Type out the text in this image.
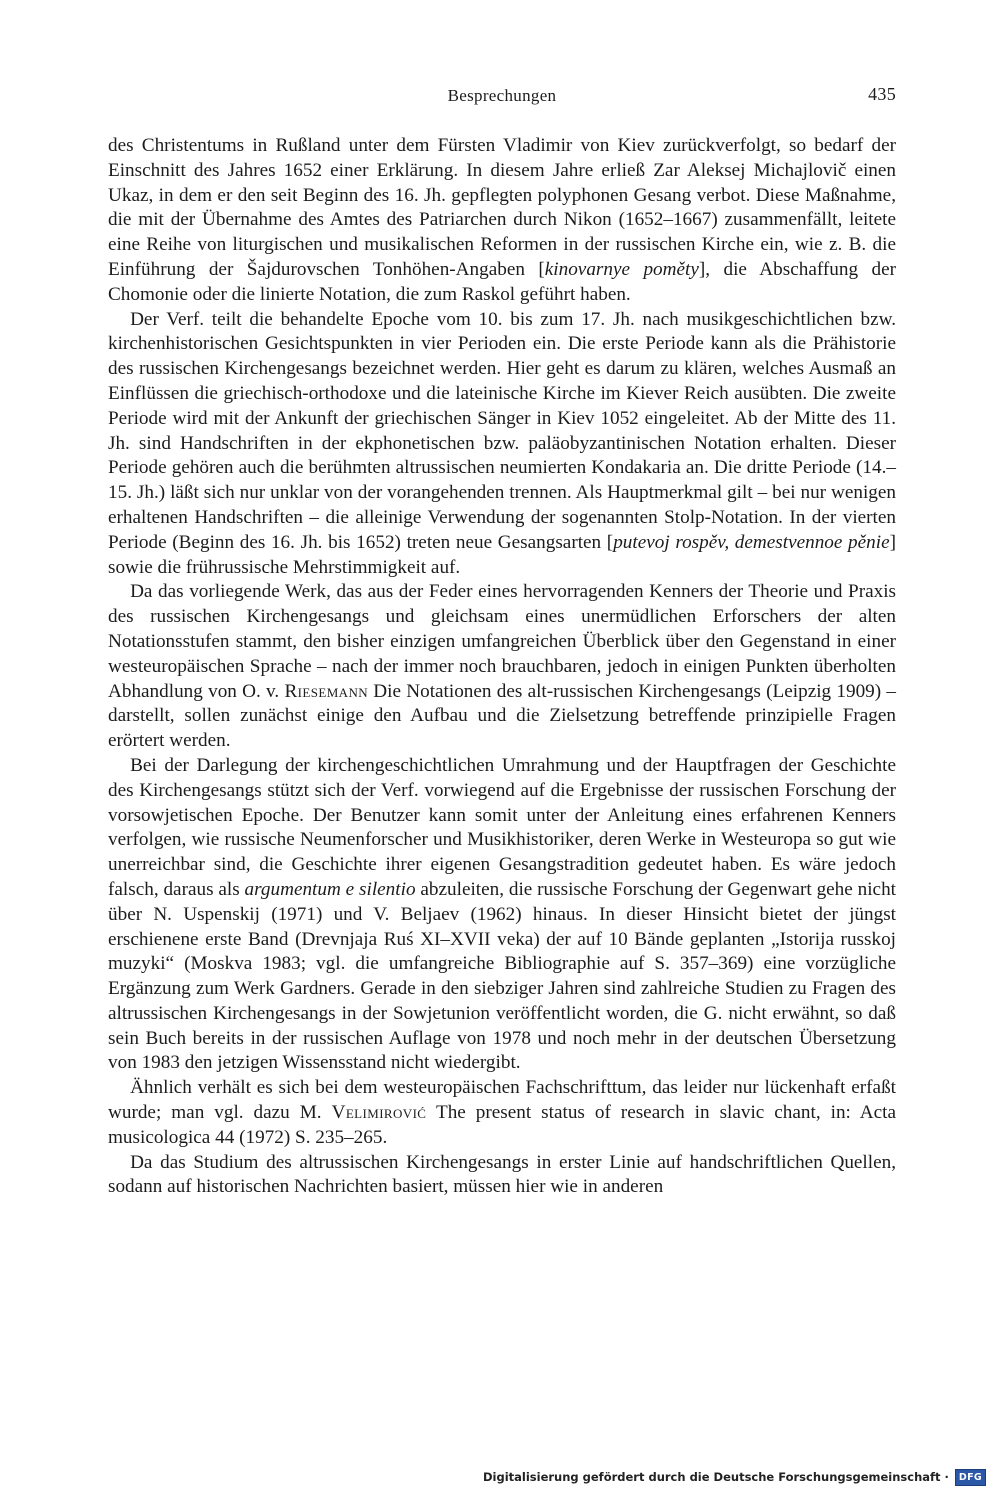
Besprechungen	435

des Christentums in Rußland unter dem Fürsten Vladimir von Kiev zurückverfolgt, so bedarf der Einschnitt des Jahres 1652 einer Erklärung. In diesem Jahre erließ Zar Aleksej Michajlovič einen Ukaz, in dem er den seit Beginn des 16. Jh. gepflegten polyphonen Gesang verbot. Diese Maßnahme, die mit der Übernahme des Amtes des Patriarchen durch Nikon (1652–1667) zusammenfällt, leitete eine Reihe von liturgischen und musikalischen Reformen in der russischen Kirche ein, wie z. B. die Einführung der Šajdurovschen Tonhöhen-Angaben [kinovarnye poměty], die Abschaffung der Chomonie oder die linierte Notation, die zum Raskol geführt haben.

Der Verf. teilt die behandelte Epoche vom 10. bis zum 17. Jh. nach musikgeschichtlichen bzw. kirchenhistorischen Gesichtspunkten in vier Perioden ein. Die erste Periode kann als die Prähistorie des russischen Kirchengesangs bezeichnet werden. Hier geht es darum zu klären, welches Ausmaß an Einflüssen die griechisch-orthodoxe und die lateinische Kirche im Kiever Reich ausübten. Die zweite Periode wird mit der Ankunft der griechischen Sänger in Kiev 1052 eingeleitet. Ab der Mitte des 11. Jh. sind Handschriften in der ekphonetischen bzw. paläobyzantinischen Notation erhalten. Dieser Periode gehören auch die berühmten altrussischen neumierten Kondakaria an. Die dritte Periode (14.–15. Jh.) läßt sich nur unklar von der vorangehenden trennen. Als Hauptmerkmal gilt – bei nur wenigen erhaltenen Handschriften – die alleinige Verwendung der sogenannten Stolp-Notation. In der vierten Periode (Beginn des 16. Jh. bis 1652) treten neue Gesangsarten [putevoj rospěv, demestvennoe pěnie] sowie die frührussische Mehrstimmigkeit auf.

Da das vorliegende Werk, das aus der Feder eines hervorragenden Kenners der Theorie und Praxis des russischen Kirchengesangs und gleichsam eines unermüdlichen Erforschers der alten Notationsstufen stammt, den bisher einzigen umfangreichen Überblick über den Gegenstand in einer westeuropäischen Sprache – nach der immer noch brauchbaren, jedoch in einigen Punkten überholten Abhandlung von O. v. Riesemann Die Notationen des alt-russischen Kirchengesangs (Leipzig 1909) – darstellt, sollen zunächst einige den Aufbau und die Zielsetzung betreffende prinzipielle Fragen erörtert werden.

Bei der Darlegung der kirchengeschichtlichen Umrahmung und der Hauptfragen der Geschichte des Kirchengesangs stützt sich der Verf. vorwiegend auf die Ergebnisse der russischen Forschung der vorsowjetischen Epoche. Der Benutzer kann somit unter der Anleitung eines erfahrenen Kenners verfolgen, wie russische Neumenforscher und Musikhistoriker, deren Werke in Westeuropa so gut wie unerreichbar sind, die Geschichte ihrer eigenen Gesangstradition gedeutet haben. Es wäre jedoch falsch, daraus als argumentum e silentio abzuleiten, die russische Forschung der Gegenwart gehe nicht über N. Uspenskij (1971) und V. Beljaev (1962) hinaus. In dieser Hinsicht bietet der jüngst erschienene erste Band (Drevnjaja Ruś XI–XVII veka) der auf 10 Bände geplanten „Istorija russkoj muzyki“ (Moskva 1983; vgl. die umfangreiche Bibliographie auf S. 357–369) eine vorzügliche Ergänzung zum Werk Gardners. Gerade in den siebziger Jahren sind zahlreiche Studien zu Fragen des altrussischen Kirchengesangs in der Sowjetunion veröffentlicht worden, die G. nicht erwähnt, so daß sein Buch bereits in der russischen Auflage von 1978 und noch mehr in der deutschen Übersetzung von 1983 den jetzigen Wissensstand nicht wiedergibt.

Ähnlich verhält es sich bei dem westeuropäischen Fachschrifttum, das leider nur lückenhaft erfaßt wurde; man vgl. dazu M. Velimirović The present status of research in slavic chant, in: Acta musicologica 44 (1972) S. 235–265.

Da das Studium des altrussischen Kirchengesangs in erster Linie auf handschriftlichen Quellen, sodann auf historischen Nachrichten basiert, müssen hier wie in anderen

Digitalisierung gefördert durch die Deutsche Forschungsgemeinschaft ·	DFG
